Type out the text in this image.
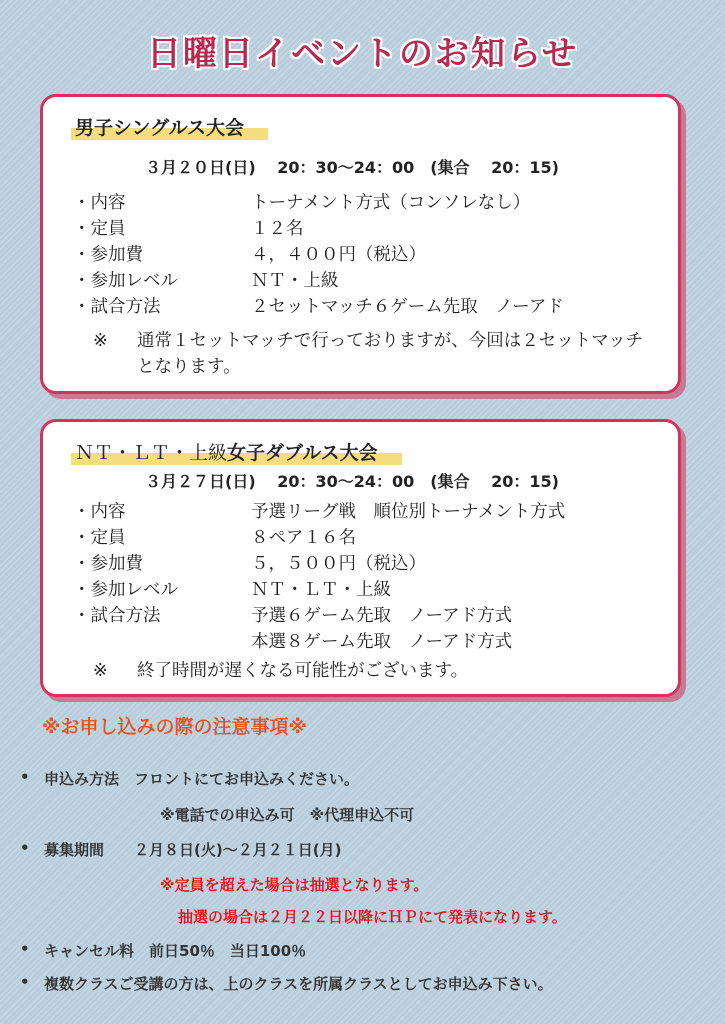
日曜日イベントのお知らせ
男子シングルス大会
３月２０日(日)　 20：30～24：00　(集合　 20：15)
・内容	トーナメント方式（コンソレなし）
・定員	１２名
・参加費	４，４００円（税込）
・参加レベル	ＮＴ・上級
・試合方法	２セットマッチ６ゲーム先取　ノーアド
※	通常１セットマッチで行っておりますが、今回は２セットマッチとなります。
ＮＴ・ＬＴ・上級女子ダブルス大会
３月２７日(日)　 20：30～24：00　(集合　 20：15)
・内容	予選リーグ戦　順位別トーナメント方式
・定員	８ペア１６名
・参加費	５，５００円（税込）
・参加レベル	ＮＴ・ＬＴ・上級
・試合方法	予選６ゲーム先取　ノーアド方式
本選８ゲーム先取　ノーアド方式
※	終了時間が遅くなる可能性がございます。
※お申し込みの際の注意事項※
• 申込み方法　フロントにてお申込みください。
※電話での申込み可　※代理申込不可
• 募集期間　　２月８日(火)～２月２１日(月)
※定員を超えた場合は抽選となります。
抽選の場合は２月２２日以降にＨＰにて発表になります。
• キャンセル料　前日50％　当日100％
• 複数クラスご受講の方は、上のクラスを所属クラスとしてお申込み下さい。
